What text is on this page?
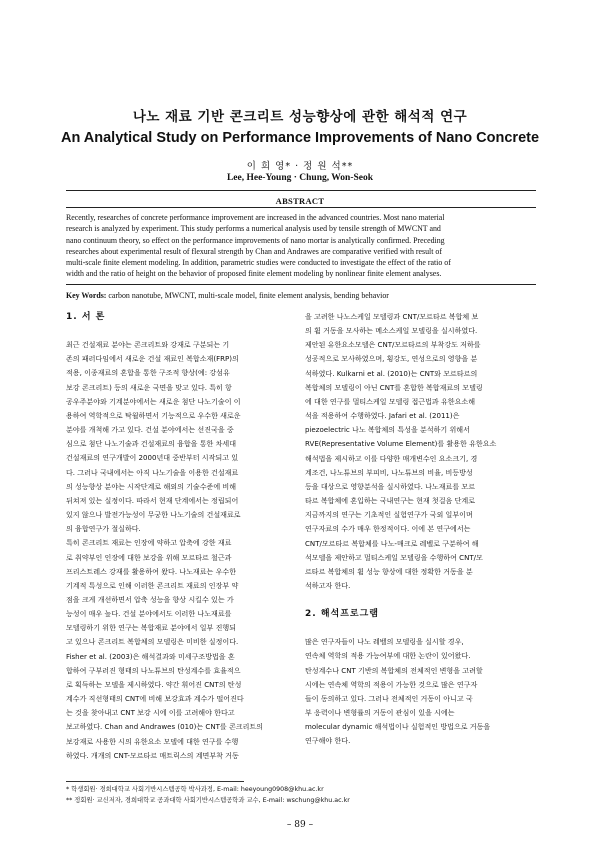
나노 재료 기반 콘크리트 성능향상에 관한 해석적 연구
An Analytical Study on Performance Improvements of Nano Concrete
이 희 영* · 정 원 석**
Lee, Hee-Young · Chung, Won-Seok
ABSTRACT
Recently, researches of concrete performance improvement are increased in the advanced countries. Most nano material
research is analyzed by experiment. This study performs a numerical analysis used by tensile strength of MWCNT and
nano continuum theory, so effect on the performance improvements of nano mortar is analytically confirmed. Preceding
researches about experimental result of flexural strength by Chan and Andrawes are comparative verified with result of
multi-scale finite element modeling. In addition, parametric studies were conducted to investigate the effect of the ratio of
width and the ratio of height on the behavior of proposed finite element modeling by nonlinear finite element analyses.
Key Words: carbon nanotube, MWCNT, multi-scale model, finite element analysis, bending behavior
1. 서 론
최근 건설재료 분야는 콘크리트와 강재로 구분되는 기
존의 패러다임에서 새로운 건설 재료인 복합소재(FRP)의
적용, 이종재료의 혼합을 통한 구조적 향상(예: 강섬유
보강 콘크리트) 등의 새로운 국면을 맞고 있다. 특히 항
공우주분야와 기계분야에서는 새로운 첨단 나노기술이 이
용하여 역학적으로 탁월하면서 기능적으로 우수한 새로운
분야를 개척해 가고 있다. 건설 분야에서는 선진국을 중
심으로 첨단 나노기술과 건설재료의 융합을 통한 차세대
건설재료의 연구개발이 2000년대 중반부터 시작되고 있
다. 그러나 국내에서는 아직 나노기술을 이용한 건설재료
의 성능향상 분야는 시작단계로 해외의 기술수준에 비해
뒤쳐져 있는 실정이다. 따라서 현재 단계에서는 정립되어
있지 않으나 발전가능성이 무궁한 나노기술의 건설재료로
의 융합연구가 절실하다.
특히 콘크리트 재료는 인장에 약하고 압축에 강한 재료
로 취약부인 인장에 대한 보강을 위해 모르타르 철근과
프리스트레스 강재를 활용하여 왔다. 나노재료는 우수한
기계적 특성으로 인해 이러한 콘크리트 재료의 인장부 약
점을 크게 개선하면서 압축 성능을 향상 시킬수 있는 가
능성이 매우 높다. 건설 분야에서도 이러한 나노재료를
모델링하기 위한 연구는 복합재료 분야에서 일부 진행되
고 있으나 콘크리트 복합체의 모델링은 미비한 실정이다.
Fisher et al. (2003)은 해석결과와 미세구조방법을 혼
합하여 구부러진 형태의 나노튜브의 탄성계수를 효율적으
로 획득하는 모델을 제시하였다. 약간 휘어진 CNT의 탄성
계수가 직선형태의 CNT에 비해 보강효과 계수가 떨어진다
는 것을 찾아내고 CNT 보강 시에 이를 고려해야 한다고
보고하였다. Chan and Andrawes (010)는 CNT를 콘크리트의
보강재로 사용한 시의 유한요소 모델에 대한 연구를 수행
하였다. 개개의 CNT-모르타르 매트릭스의 계면부착 거동
을 고려한 나노스케일 모델링과 CNT/모르타르 복합체 보
의 휨 거동을 모사하는 메소스케일 모델링을 실시하였다.
제안된 유한요소모델은 CNT/모르타르의 부착강도 저하를
성공적으로 모사하였으며, 횡강도, 연성으로의 영향을 분
석하였다. Kulkarni et al. (2010)는 CNT와 모르타르의
복합체의 모델링이 아닌 CNT를 혼합한 복합재료의 모델링
에 대한 연구를 멀티스케일 모델링 접근법과 유한요소해
석을 적용하여 수행하였다. Jafari et al. (2011)은
piezoelectric 나노 복합체의 특성을 분석하기 위해서
RVE(Representative Volume Element)를 활용한 유한요소
해석법을 제시하고 이를 다양한 매개변수인 요소크기, 경
계조건, 나노튜브의 부피비, 나노튜브의 비율, 비등방성
등을 대상으로 영향분석을 실시하였다. 나노재료를 모르
타르 복합체에 혼입하는 국내연구는 현재 첫걸음 단계로
지금까지의 연구는 기초적인 실험연구가 국외 일부이며
연구자료의 수가 매우 한정적이다. 이에 본 연구에서는
CNT/모르타르 복합체를 나노-매크로 레벨로 구분하여 해
석모델을 제안하고 멀티스케일 모델링을 수행하여 CNT/모
르타르 복합체의 휨 성능 향상에 대한 정확한 거동을 분
석하고자 한다.
2. 해석프로그램
많은 연구자들이 나노 레벨의 모델링을 실시할 경우,
연속체 역학의 적용 가능여부에 대한 논란이 있어왔다.
탄성계수나 CNT 기반의 복합체의 전체적인 변형을 고려할
시에는 연속체 역학의 적용이 가능한 것으로 많은 연구자
들이 동의하고 있다. 그러나 전체적인 거동이 아니고 국
부 응력이나 변형률의 거동이 관심이 있을 시에는
molecular dynamic 해석법이나 실험적인 방법으로 거동을
연구해야 한다.
* 학생회원· 경희대학교 사회기반시스템공학 박사과정, E-mail: heeyoung0908@khu.ac.kr
** 정회원· 교신저자, 경희대학교 공과대학 사회기반시스템공학과 교수, E-mail: wschung@khu.ac.kr
– 89 –
